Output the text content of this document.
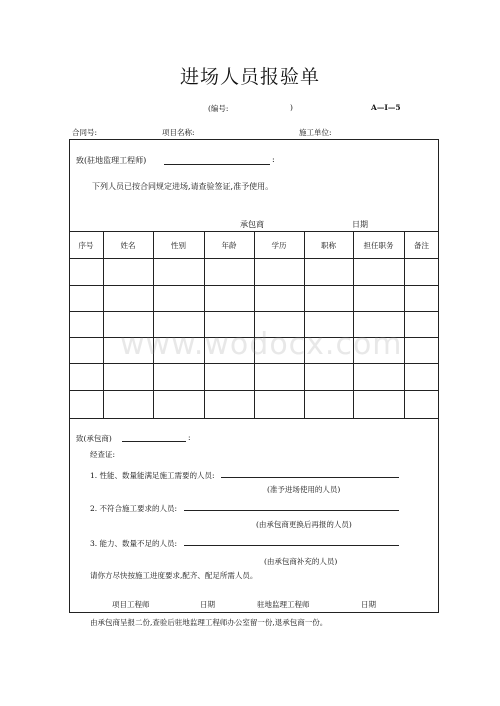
进场人员报验单
(编号:	)	A—I—5
合同号:	项目名称:	施工单位:
致(驻地监理工程师)	:
下列人员已按合同规定进场,请查验签证,准予使用。
承包商	日期
序号	姓名	性别	年龄	学历	职称	担任职务	备注
www.wodocx.com
致(承包商)	:
经查证:
1. 性能、数量能满足施工需要的人员:
(准予进场使用的人员)
2. 不符合施工要求的人员:
(由承包商更换后再报的人员)
3. 能力、数量不足的人员:
(由承包商补充的人员)
请你方尽快按施工进度要求,配齐、配足所需人员。
项目工程师	日期	驻地监理工程师	日期
由承包商呈报二份,查验后驻地监理工程师办公室留一份,退承包商一份。
